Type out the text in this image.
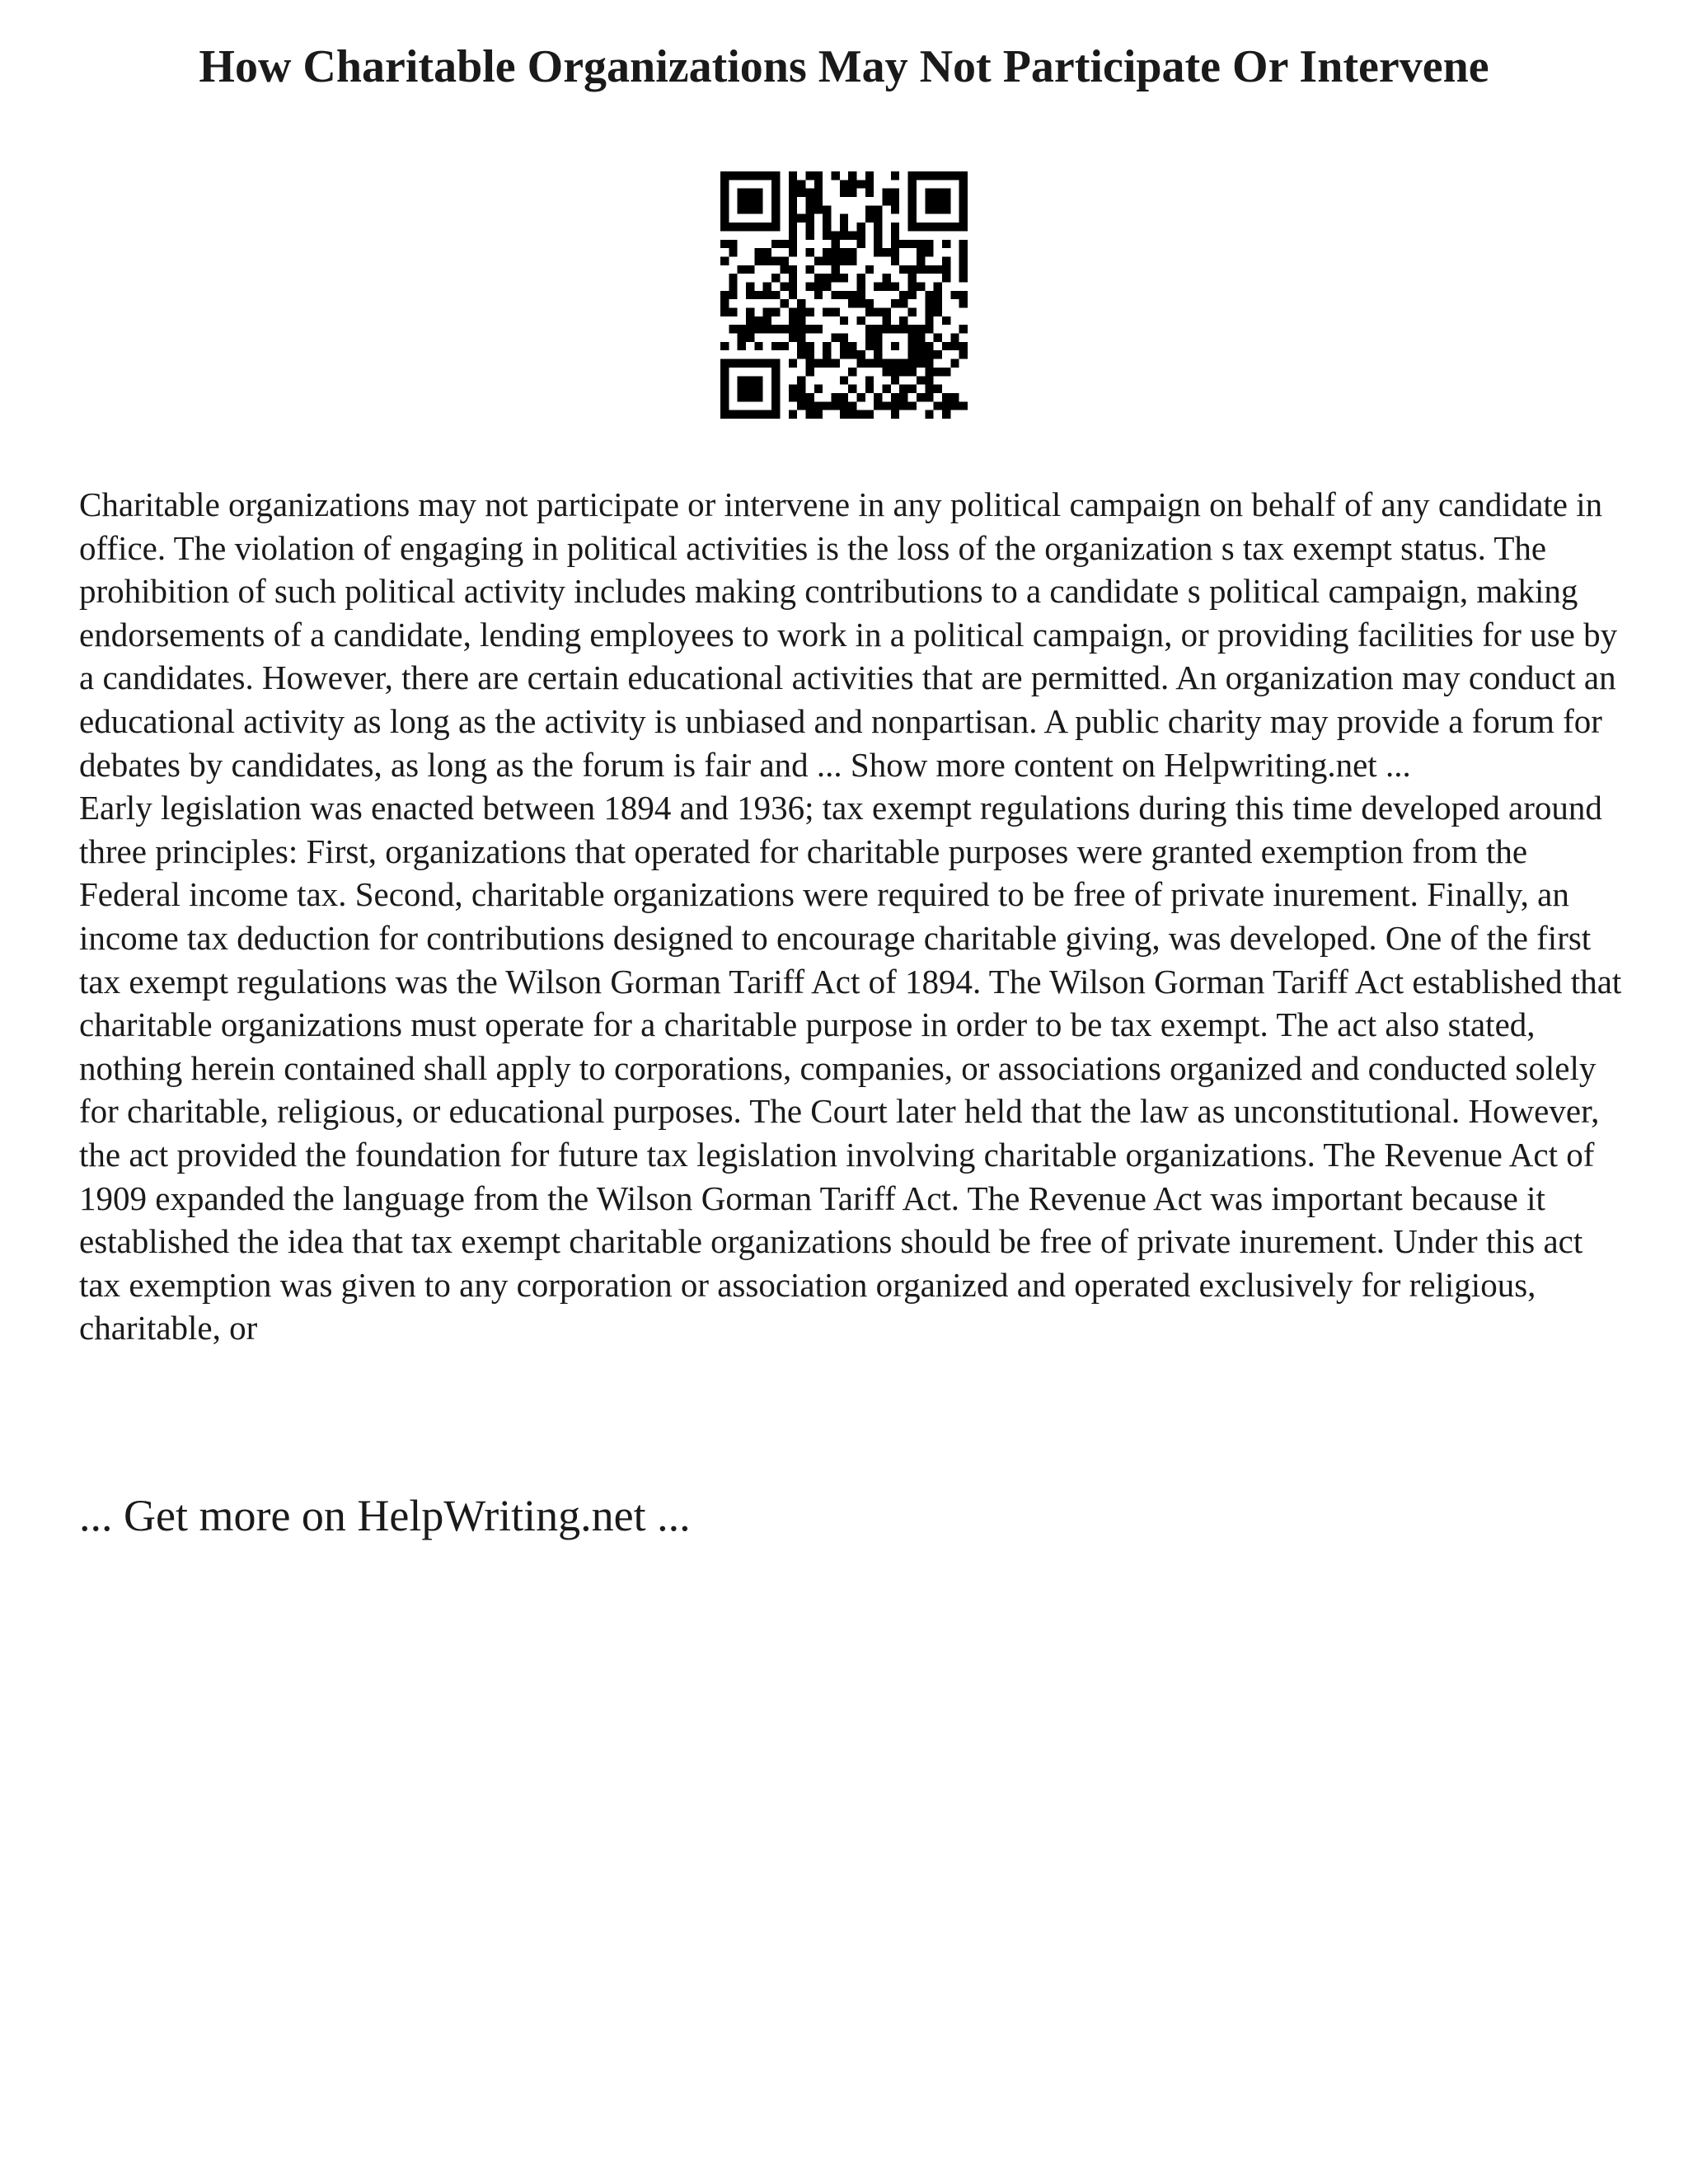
How Charitable Organizations May Not Participate Or Intervene

Charitable organizations may not participate or intervene in any political campaign on behalf of any candidate in office. The violation of engaging in political activities is the loss of the organization s tax exempt status. The prohibition of such political activity includes making contributions to a candidate s political campaign, making endorsements of a candidate, lending employees to work in a political campaign, or providing facilities for use by a candidates. However, there are certain educational activities that are permitted. An organization may conduct an educational activity as long as the activity is unbiased and nonpartisan. A public charity may provide a forum for debates by candidates, as long as the forum is fair and ... Show more content on Helpwriting.net ...

Early legislation was enacted between 1894 and 1936; tax exempt regulations during this time developed around three principles: First, organizations that operated for charitable purposes were granted exemption from the Federal income tax. Second, charitable organizations were required to be free of private inurement. Finally, an income tax deduction for contributions designed to encourage charitable giving, was developed. One of the first tax exempt regulations was the Wilson Gorman Tariff Act of 1894. The Wilson Gorman Tariff Act established that charitable organizations must operate for a charitable purpose in order to be tax exempt. The act also stated, nothing herein contained shall apply to corporations, companies, or associations organized and conducted solely for charitable, religious, or educational purposes. The Court later held that the law as unconstitutional. However, the act provided the foundation for future tax legislation involving charitable organizations. The Revenue Act of 1909 expanded the language from the Wilson Gorman Tariff Act. The Revenue Act was important because it established the idea that tax exempt charitable organizations should be free of private inurement. Under this act tax exemption was given to any corporation or association organized and operated exclusively for religious, charitable, or

... Get more on HelpWriting.net ...
